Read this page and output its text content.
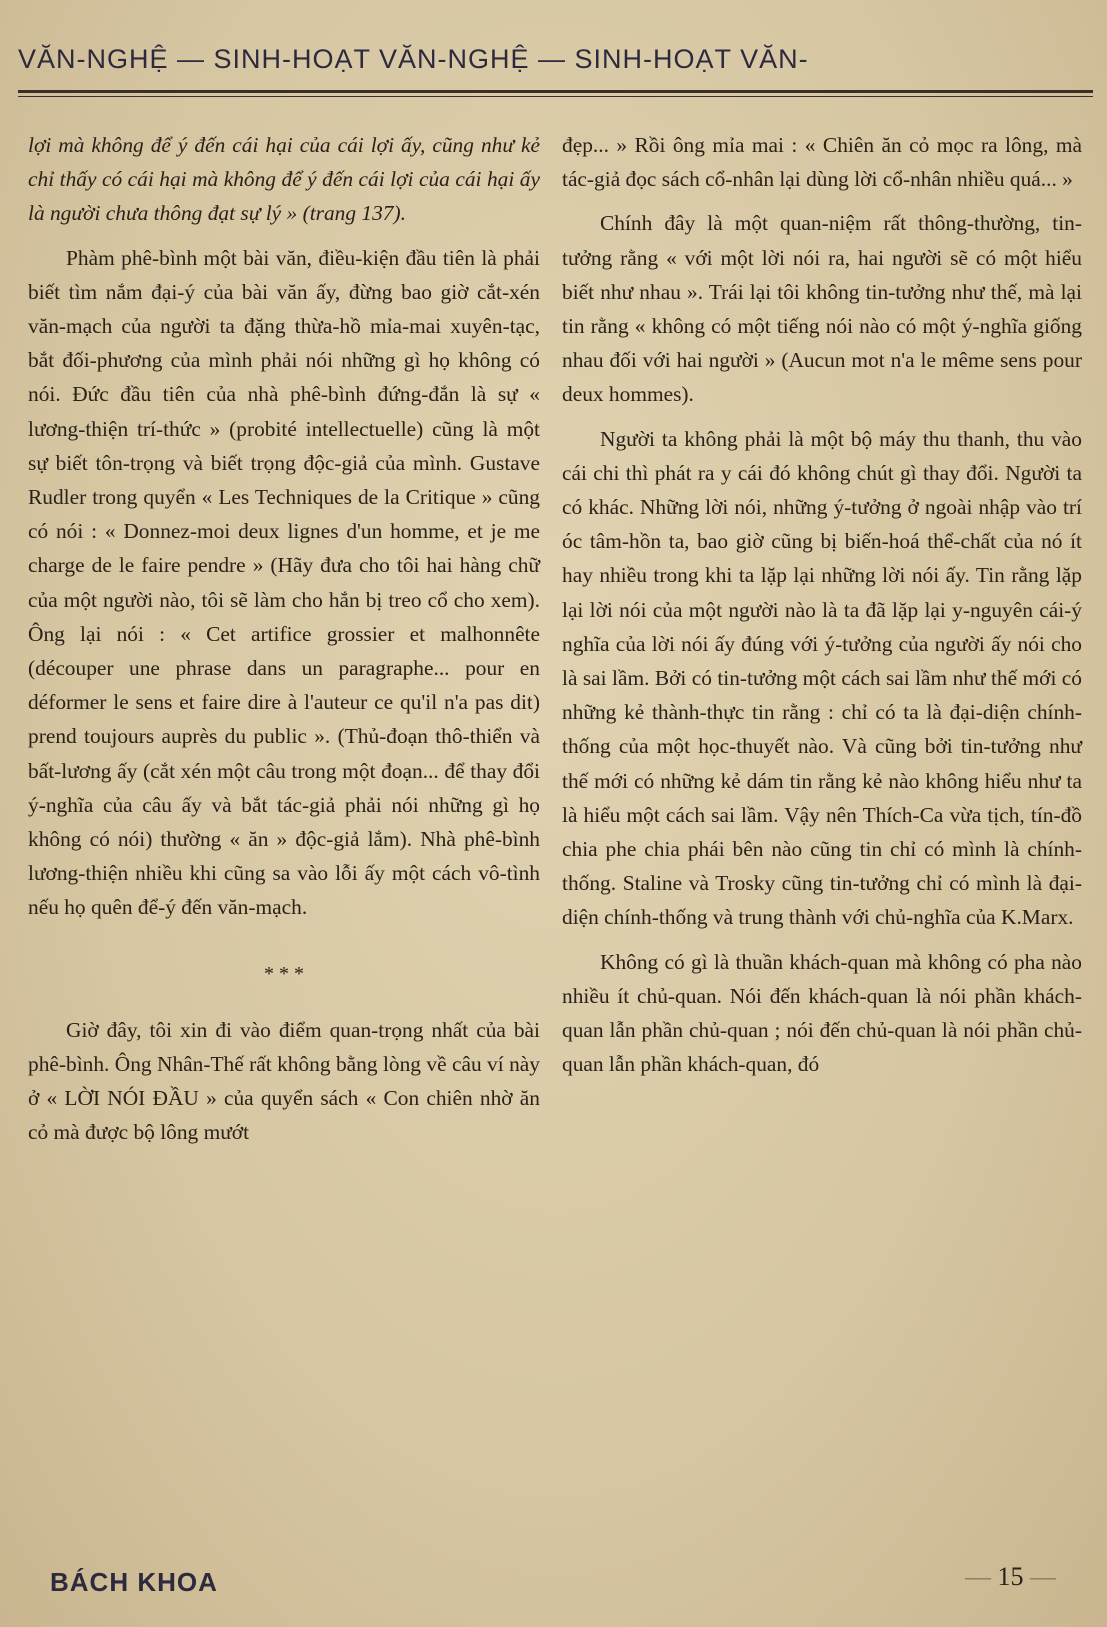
VĂN-NGHỆ — SINH-HOẠT VĂN-NGHỆ — SINH-HOẠT VĂN-

lợi mà không để ý đến cái hại của cái lợi ấy, cũng như kẻ chỉ thấy có cái hại mà không để ý đến cái lợi của cái hại ấy là người chưa thông đạt sự lý » (trang 137).

Phàm phê-bình một bài văn, điều-kiện đầu tiên là phải biết tìm nắm đại-ý của bài văn ấy, đừng bao giờ cắt-xén văn-mạch của người ta đặng thừa-hồ mỉa-mai xuyên-tạc, bắt đối-phương của mình phải nói những gì họ không có nói. Đức đầu tiên của nhà phê-bình đứng-đắn là sự « lương-thiện trí-thức » (probité intellectuelle) cũng là một sự biết tôn-trọng và biết trọng độc-giả của mình. Gustave Rudler trong quyển « Les Techniques de la Critique » cũng có nói : « Donnez-moi deux lignes d'un homme, et je me charge de le faire pendre » (Hãy đưa cho tôi hai hàng chữ của một người nào, tôi sẽ làm cho hắn bị treo cổ cho xem). Ông lại nói : « Cet artifice grossier et malhonnête (découper une phrase dans un paragraphe... pour en déformer le sens et faire dire à l'auteur ce qu'il n'a pas dit) prend toujours auprès du public ». (Thủ-đoạn thô-thiển và bất-lương ấy (cắt xén một câu trong một đoạn... để thay đổi ý-nghĩa của câu ấy và bắt tác-giả phải nói những gì họ không có nói) thường « ăn » độc-giả lắm). Nhà phê-bình lương-thiện nhiều khi cũng sa vào lỗi ấy một cách vô-tình nếu họ quên để-ý đến văn-mạch.

* * *

Giờ đây, tôi xin đi vào điểm quan-trọng nhất của bài phê-bình. Ông Nhân-Thế rất không bằng lòng về câu ví này ở « LỜI NÓI ĐẦU » của quyển sách « Con chiên nhờ ăn cỏ mà được bộ lông mướt

đẹp... » Rồi ông mỉa mai : « Chiên ăn cỏ mọc ra lông, mà tác-giả đọc sách cổ-nhân lại dùng lời cổ-nhân nhiều quá... »

Chính đây là một quan-niệm rất thông-thường, tin-tưởng rằng « với một lời nói ra, hai người sẽ có một hiểu biết như nhau ». Trái lại tôi không tin-tưởng như thế, mà lại tin rằng « không có một tiếng nói nào có một ý-nghĩa giống nhau đối với hai người » (Aucun mot n'a le même sens pour deux hommes).

Người ta không phải là một bộ máy thu thanh, thu vào cái chi thì phát ra y cái đó không chút gì thay đổi. Người ta có khác. Những lời nói, những ý-tưởng ở ngoài nhập vào trí óc tâm-hồn ta, bao giờ cũng bị biến-hoá thể-chất của nó ít hay nhiều trong khi ta lặp lại những lời nói ấy. Tin rằng lặp lại lời nói của một người nào là ta đã lặp lại y-nguyên cái-ý nghĩa của lời nói ấy đúng với ý-tưởng của người ấy nói cho là sai lầm. Bởi có tin-tưởng một cách sai lầm như thế mới có những kẻ thành-thực tin rằng : chỉ có ta là đại-diện chính-thống của một học-thuyết nào. Và cũng bởi tin-tưởng như thế mới có những kẻ dám tin rằng kẻ nào không hiểu như ta là hiểu một cách sai lầm. Vậy nên Thích-Ca vừa tịch, tín-đồ chia phe chia phái bên nào cũng tin chỉ có mình là chính-thống. Staline và Trosky cũng tin-tưởng chỉ có mình là đại-diện chính-thống và trung thành với chủ-nghĩa của K.Marx.

Không có gì là thuần khách-quan mà không có pha nào nhiều ít chủ-quan. Nói đến khách-quan là nói phần khách-quan lẫn phần chủ-quan ; nói đến chủ-quan là nói phần chủ-quan lẫn phần khách-quan, đó

BÁCH KHOA	— 15 —
